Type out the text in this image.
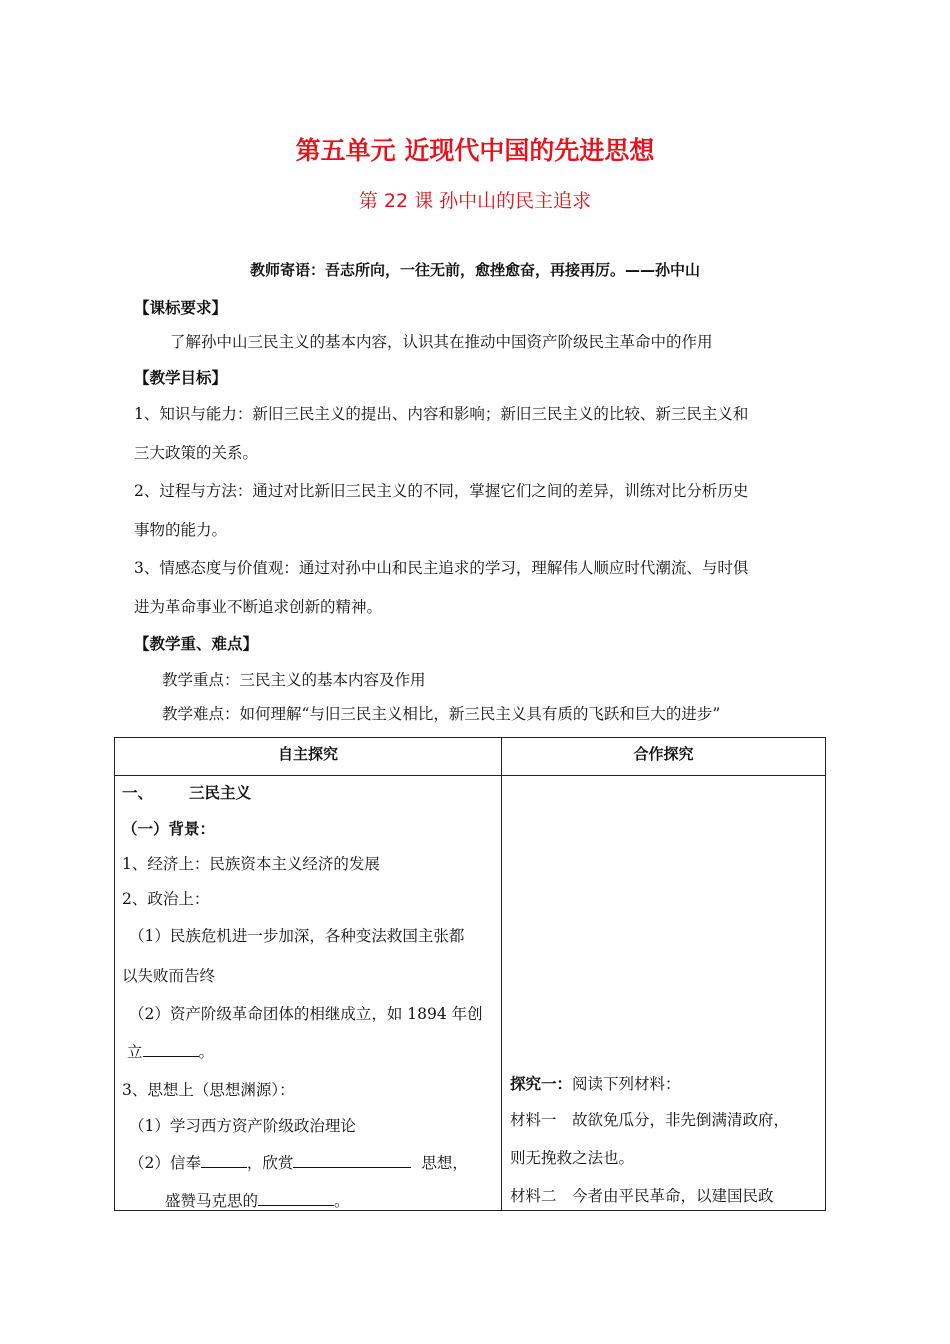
第五单元 近现代中国的先进思想
第 22 课 孙中山的民主追求
教师寄语：吾志所向，一往无前，愈挫愈奋，再接再厉。——孙中山
【课标要求】
了解孙中山三民主义的基本内容，认识其在推动中国资产阶级民主革命中的作用
【教学目标】
1、知识与能力：新旧三民主义的提出、内容和影响；新旧三民主义的比较、新三民主义和
三大政策的关系。
2、过程与方法：通过对比新旧三民主义的不同，掌握它们之间的差异，训练对比分析历史
事物的能力。
3、情感态度与价值观：通过对孙中山和民主追求的学习，理解伟人顺应时代潮流、与时俱
进为革命事业不断追求创新的精神。
【教学重、难点】
教学重点：三民主义的基本内容及作用
教学难点：如何理解“与旧三民主义相比，新三民主义具有质的飞跃和巨大的进步”
自主探究	合作探究
一、 三民主义
（一）背景：
1、经济上：民族资本主义经济的发展
2、政治上：
（1）民族危机进一步加深，各种变法救国主张都
以失败而告终
（2）资产阶级革命团体的相继成立，如 1894 年创
立	。
3、思想上（思想渊源）：
（1）学习西方资产阶级政治理论
（2）信奉	，欣赏	思想，
盛赞马克思的	。
探究一：阅读下列材料：
材料一　故欲免瓜分，非先倒满清政府，
则无挽救之法也。
材料二　今者由平民革命，以建国民政
